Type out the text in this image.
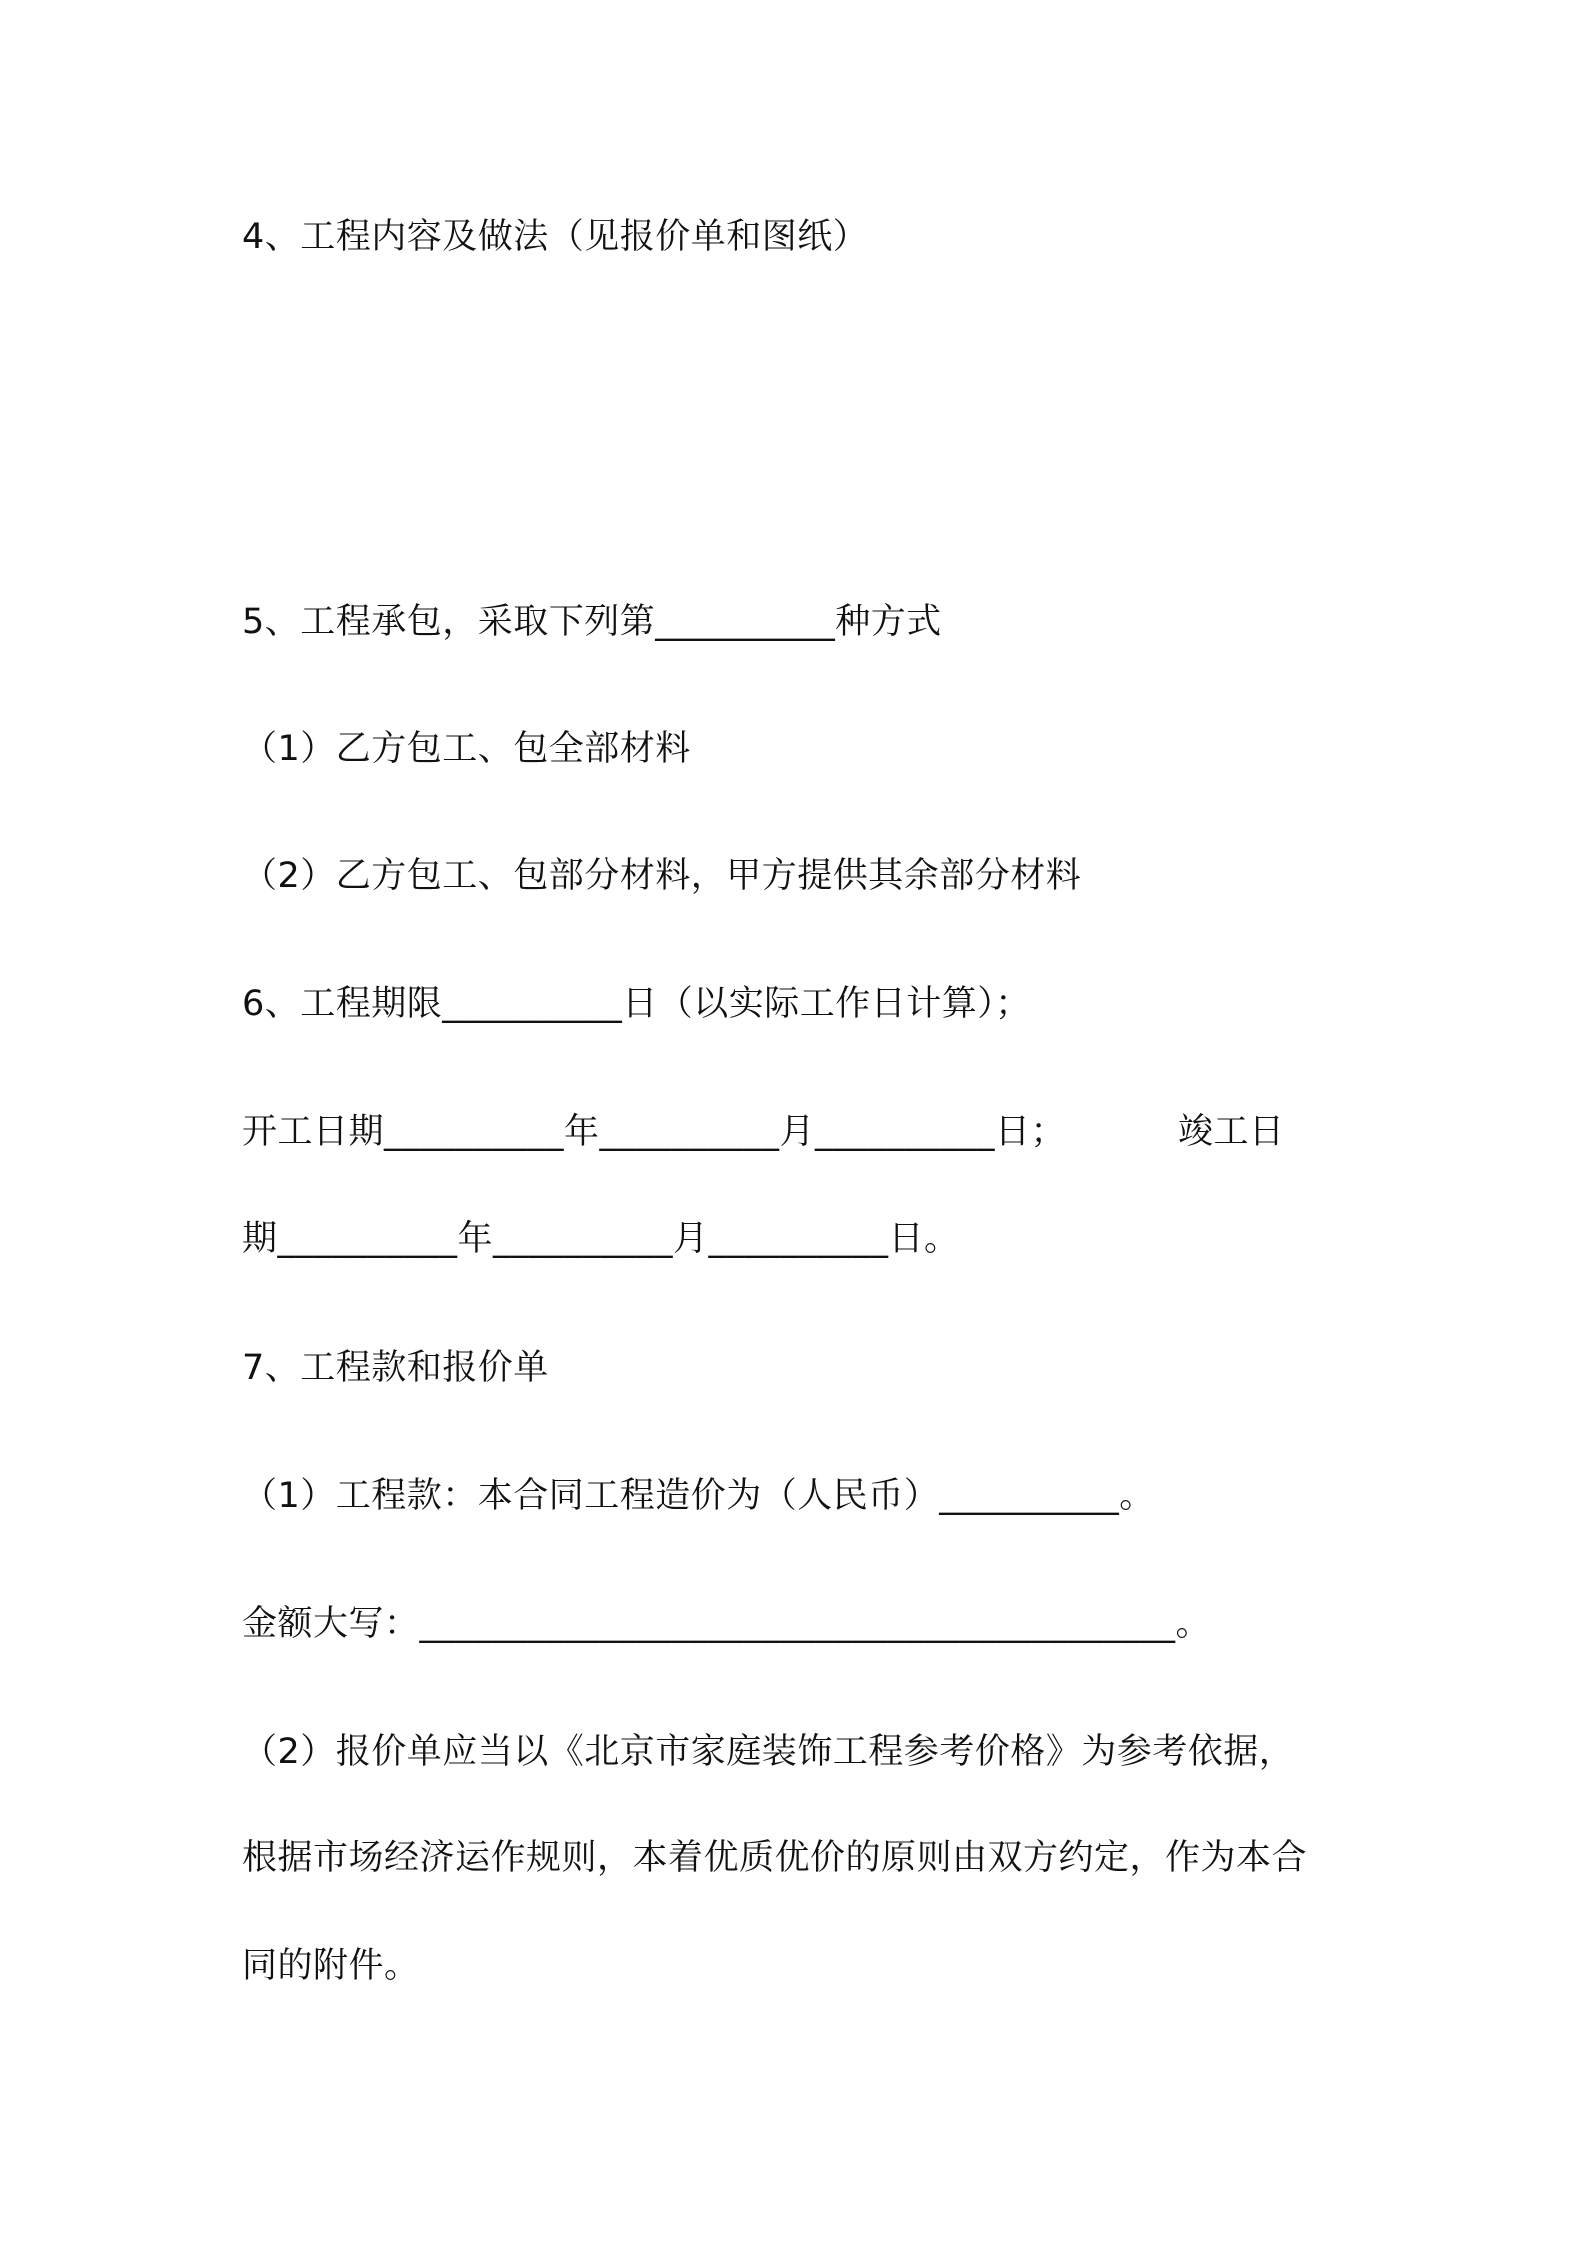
4、工程内容及做法（见报价单和图纸）
5、工程承包，采取下列第__________种方式
（1）乙方包工、包全部材料
（2）乙方包工、包部分材料，甲方提供其余部分材料
6、工程期限__________日（以实际工作日计算）；
开工日期__________年__________月__________日；	竣工日
期__________年__________月__________日。
7、工程款和报价单
（1）工程款：本合同工程造价为（人民币）__________。
金额大写：__________________________________________。
（2）报价单应当以《北京市家庭装饰工程参考价格》为参考依据，
根据市场经济运作规则，本着优质优价的原则由双方约定，作为本合
同的附件。
